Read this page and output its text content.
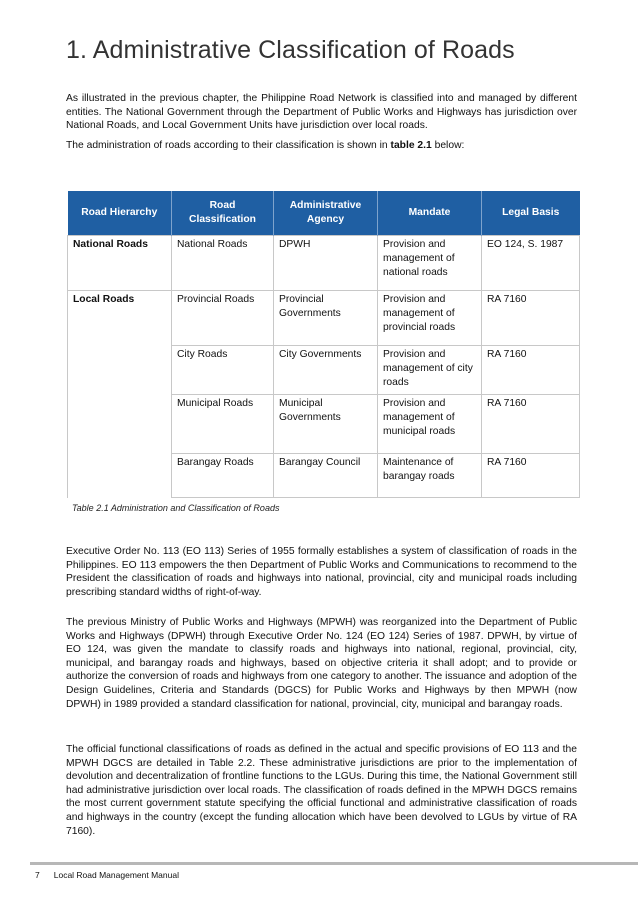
1. Administrative Classification of Roads

As illustrated in the previous chapter, the Philippine Road Network is classified into and managed by different entities. The National Government through the Department of Public Works and Highways has jurisdiction over National Roads, and Local Government Units have jurisdiction over local roads.

The administration of roads according to their classification is shown in table 2.1 below:

Road Hierarchy	Road Classification	Administrative Agency	Mandate	Legal Basis
National Roads	National Roads	DPWH	Provision and management of national roads	EO 124, S. 1987
Local Roads	Provincial Roads	Provincial Governments	Provision and management of provincial roads	RA 7160
	City Roads	City Governments	Provision and management of city roads	RA 7160
	Municipal Roads	Municipal Governments	Provision and management of municipal roads	RA 7160
	Barangay Roads	Barangay Council	Maintenance of barangay roads	RA 7160

Table 2.1 Administration and Classification of Roads

Executive Order No. 113 (EO 113) Series of 1955 formally establishes a system of classification of roads in the Philippines. EO 113 empowers the then Department of Public Works and Communications to recommend to the President the classification of roads and highways into national, provincial, city and municipal roads including prescribing standard widths of right-of-way.

The previous Ministry of Public Works and Highways (MPWH) was reorganized into the Department of Public Works and Highways (DPWH) through Executive Order No. 124 (EO 124) Series of 1987. DPWH, by virtue of EO 124, was given the mandate to classify roads and highways into national, regional, provincial, city, municipal, and barangay roads and highways, based on objective criteria it shall adopt; and to provide or authorize the conversion of roads and highways from one category to another. The issuance and adoption of the Design Guidelines, Criteria and Standards (DGCS) for Public Works and Highways by then MPWH (now DPWH) in 1989 provided a standard classification for national, provincial, city, municipal and barangay roads.

The official functional classifications of roads as defined in the actual and specific provisions of EO 113 and the MPWH DGCS are detailed in Table 2.2. These administrative jurisdictions are prior to the implementation of devolution and decentralization of frontline functions to the LGUs. During this time, the National Government still had administrative jurisdiction over local roads. The classification of roads defined in the MPWH DGCS remains the most current government statute specifying the official functional and administrative classification of roads and highways in the country (except the funding allocation which have been devolved to LGUs by virtue of RA 7160).

7 Local Road Management Manual
